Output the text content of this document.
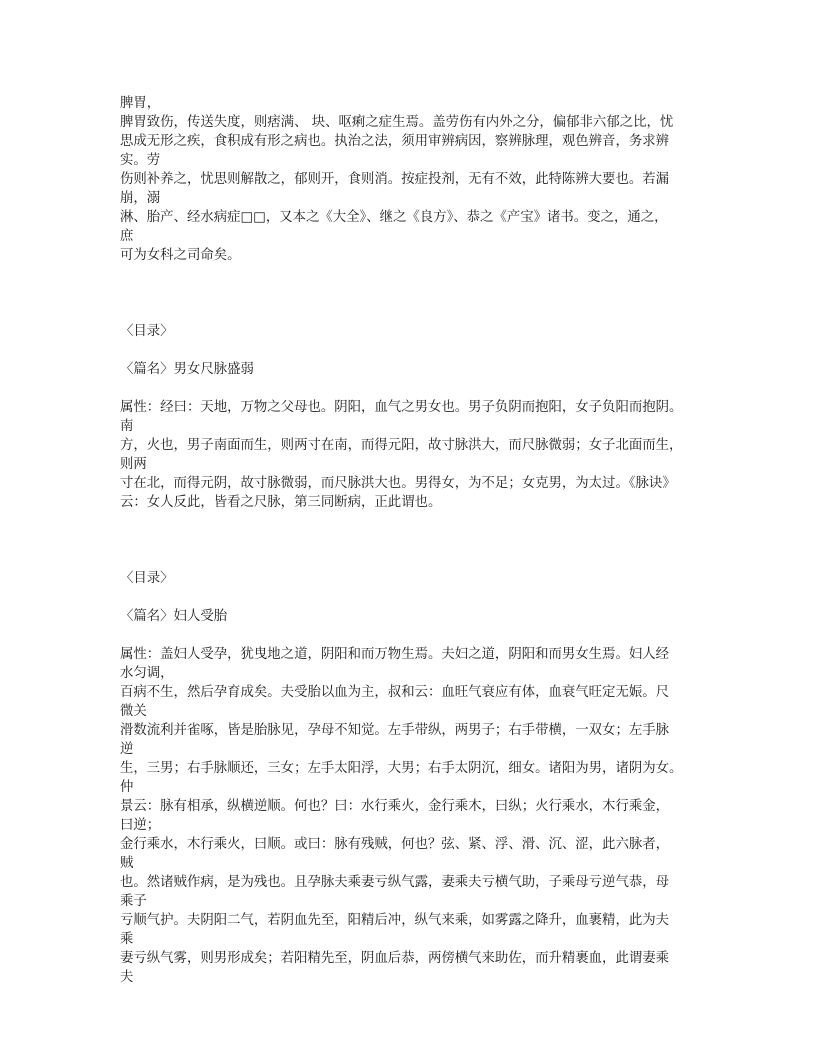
脾胃，
脾胃致伤，传送失度，则痞满、 块、呕痢之症生焉。盖劳伤有内外之分，偏郁非六郁之比，忧
思成无形之疾，食积成有形之病也。执治之法，须用审辨病因，察辨脉理，观色辨音，务求辨
实。劳
伤则补养之，忧思则解散之，郁则开，食则消。按症投剂，无有不效，此特陈辨大要也。若漏
崩，溺
淋、胎产、经水病症□□，又本之《大全》、继之《良方》、恭之《产宝》诸书。变之，通之，
庶
可为女科之司命矣。
〈目录〉
〈篇名〉男女尺脉盛弱
属性：经曰：天地，万物之父母也。阴阳，血气之男女也。男子负阴而抱阳，女子负阳而抱阴。
南
方，火也，男子南面而生，则两寸在南，而得元阳，故寸脉洪大，而尺脉微弱；女子北面而生，
则两
寸在北，而得元阴，故寸脉微弱，而尺脉洪大也。男得女，为不足；女克男，为太过。《脉诀》
云：女人反此，皆看之尺脉，第三同断病，正此谓也。
〈目录〉
〈篇名〉妇人受胎
属性：盖妇人受孕，犹曳地之道，阴阳和而万物生焉。夫妇之道，阴阳和而男女生焉。妇人经
水匀调，
百病不生，然后孕育成矣。夫受胎以血为主，叔和云：血旺气衰应有体，血衰气旺定无娠。尺
微关
滑数流利并雀啄，皆是胎脉见，孕母不知觉。左手带纵，两男子；右手带横，一双女；左手脉
逆
生，三男；右手脉顺还，三女；左手太阳浮，大男；右手太阴沉，细女。诸阳为男，诸阴为女。
仲
景云：脉有相承，纵横逆顺。何也？曰：水行乘火，金行乘木，曰纵；火行乘水，木行乘金，
曰逆；
金行乘水，木行乘火，曰顺。或曰：脉有残贼，何也？弦、紧、浮、滑、沉、涩，此六脉者，
贼
也。然诸贼作病，是为残也。且孕脉夫乘妻亏纵气露，妻乘夫亏横气助，子乘母亏逆气恭，母
乘子
亏顺气护。夫阴阳二气，若阴血先至，阳精后冲，纵气来乘，如雾露之降升，血裹精，此为夫
乘
妻亏纵气雾，则男形成矣；若阳精先至，阴血后恭，两傍横气来助佐，而升精裹血，此谓妻乘
夫
